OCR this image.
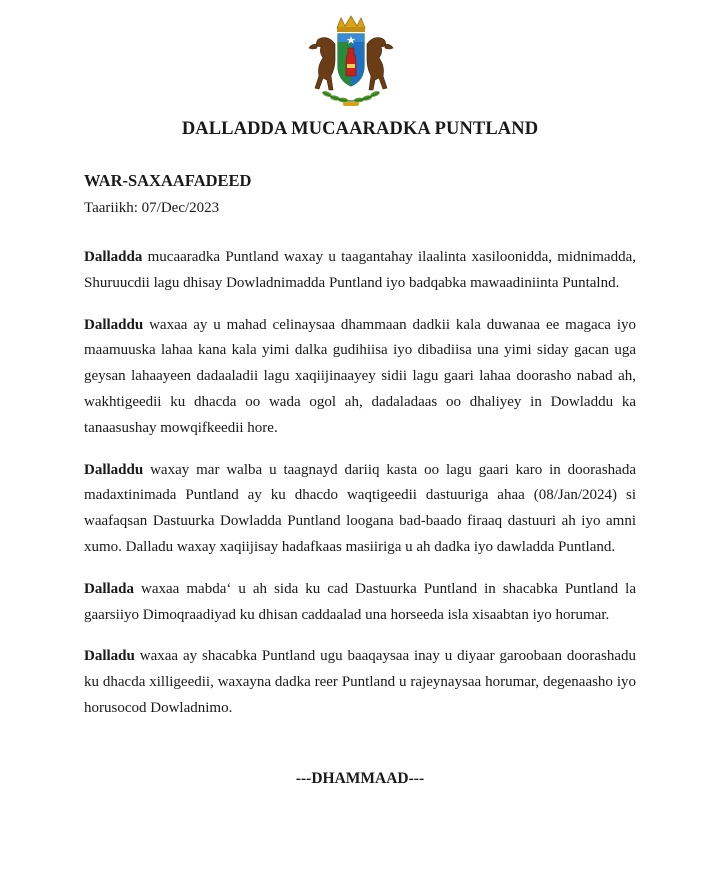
DALLADDA MUCAARADKA PUNTLAND
WAR-SAXAAFADEED
Taariikh: 07/Dec/2023

Dalladda mucaaradka Puntland waxay u taagantahay ilaalinta xasiloonidda, midnimadda, Shuruucdii lagu dhisay Dowladnimadda Puntland iyo badqabka mawaadiniinta Puntalnd.

Dalladdu waxaa ay u mahad celinaysaa dhammaan dadkii kala duwanaa ee magaca iyo maamuuska lahaa kana kala yimi dalka gudihiisa iyo dibadiisa una yimi siday gacan uga geysan lahaayeen dadaaladii lagu xaqiijinaayey sidii lagu gaari lahaa doorasho nabad ah, wakhtigeedii ku dhacda oo wada ogol ah, dadaladaas oo dhaliyey in Dowladdu ka tanaasushay mowqifkeedii hore.

Dalladdu waxay mar walba u taagnayd dariiq kasta oo lagu gaari karo in doorashada madaxtinimada Puntland ay ku dhacdo waqtigeedii dastuuriga ahaa (08/Jan/2024) si waafaqsan Dastuurka Dowladda Puntland loogana bad-baado firaaq dastuuri ah iyo amni xumo. Dalladu waxay xaqiijisay hadafkaas masiiriga u ah dadka iyo dawladda Puntland.

Dallada waxaa mabda‘ u ah sida ku cad Dastuurka Puntland in shacabka Puntland la gaarsiiyo Dimoqraadiyad ku dhisan caddaalad una horseeda isla xisaabtan iyo horumar.

Dalladu waxaa ay shacabka Puntland ugu baaqaysaa inay u diyaar garoobaan doorashadu ku dhacda xilligeedii, waxayna dadka reer Puntland u rajeynaysaa horumar, degenaasho iyo horusocod Dowladnimo.

---DHAMMAAD---
